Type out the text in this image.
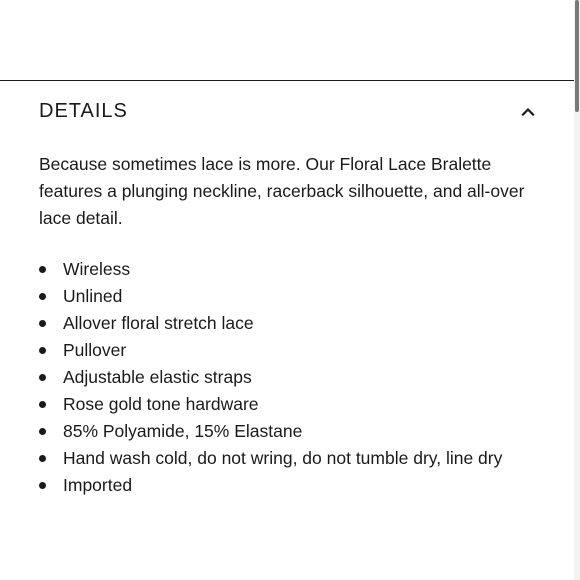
DETAILS

Because sometimes lace is more. Our Floral Lace Bralette features a plunging neckline, racerback silhouette, and all-over lace detail.

Wireless
Unlined
Allover floral stretch lace
Pullover
Adjustable elastic straps
Rose gold tone hardware
85% Polyamide, 15% Elastane
Hand wash cold, do not wring, do not tumble dry, line dry
Imported
